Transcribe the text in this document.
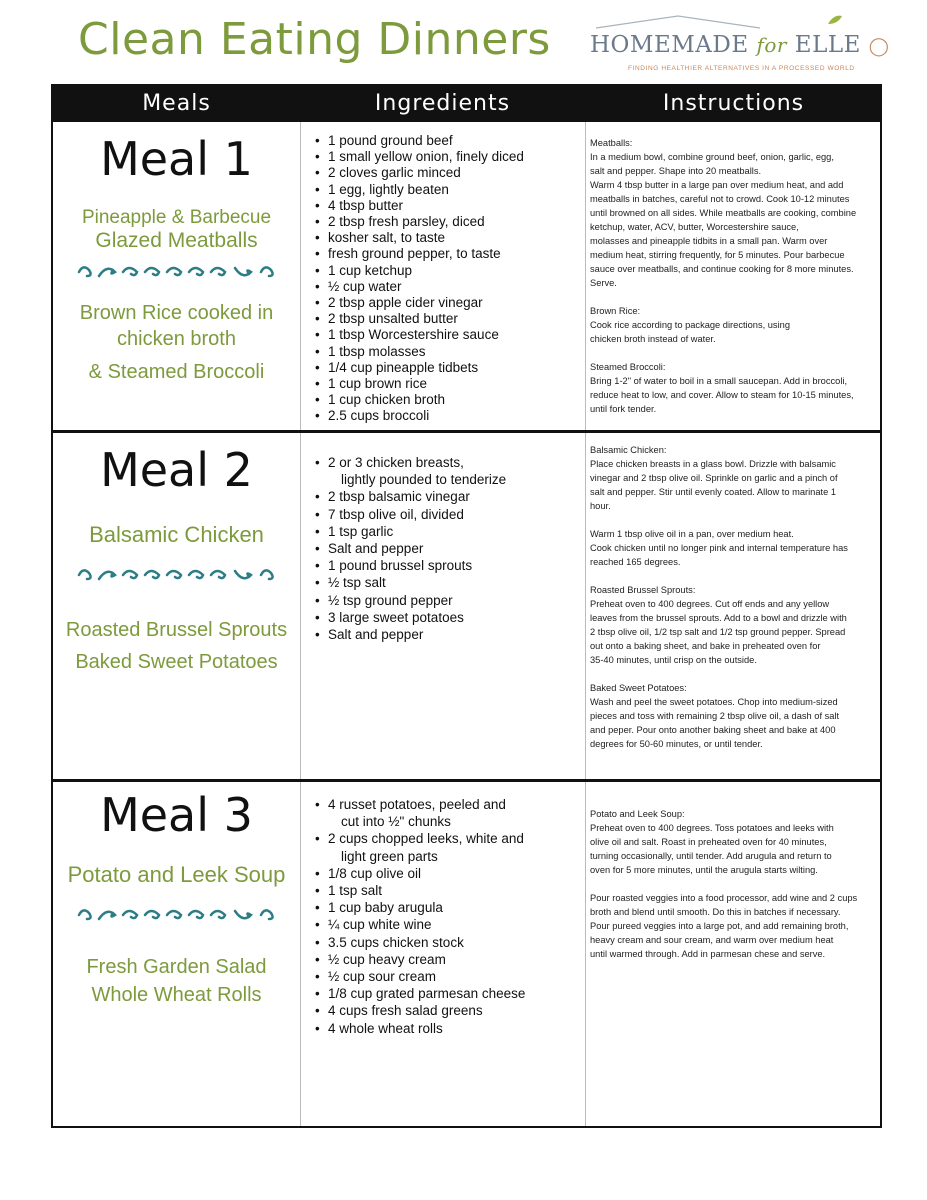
Clean Eating Dinners HOMEMADE for ELLE ◯
FINDING HEALTHIER ALTERNATIVES IN A PROCESSED WORLD
Meals	Ingredients	Instructions
Meal 1
Pineapple & Barbecue
Glazed Meatballs
Brown Rice cooked in
chicken broth
& Steamed Broccoli
• 1 pound ground beef
• 1 small yellow onion, finely diced
• 2 cloves garlic minced
• 1 egg, lightly beaten
• 4 tbsp butter
• 2 tbsp fresh parsley, diced
• kosher salt, to taste
• fresh ground pepper, to taste
• 1 cup ketchup
• ½ cup water
• 2 tbsp apple cider vinegar
• 2 tbsp unsalted butter
• 1 tbsp Worcestershire sauce
• 1 tbsp molasses
• 1/4 cup pineapple tidbets
• 1 cup brown rice
• 1 cup chicken broth
• 2.5 cups broccoli

Meatballs:
In a medium bowl, combine ground beef, onion, garlic, egg,
salt and pepper. Shape into 20 meatballs.
Warm 4 tbsp butter in a large pan over medium heat, and add
meatballs in batches, careful not to crowd. Cook 10-12 minutes
until browned on all sides. While meatballs are cooking, combine
ketchup, water, ACV, butter, Worcestershire sauce,
molasses and pineapple tidbits in a small pan. Warm over
medium heat, stirring frequently, for 5 minutes. Pour barbecue
sauce over meatballs, and continue cooking for 8 more minutes.
Serve.

Brown Rice:
Cook rice according to package directions, using
chicken broth instead of water.

Steamed Broccoli:
Bring 1-2" of water to boil in a small saucepan. Add in broccoli,
reduce heat to low, and cover. Allow to steam for 10-15 minutes,
until fork tender.

Meal 2
Balsamic Chicken
Roasted Brussel Sprouts
Baked Sweet Potatoes
• 2 or 3 chicken breasts,
lightly pounded to tenderize
• 2 tbsp balsamic vinegar
• 7 tbsp olive oil, divided
• 1 tsp garlic
• Salt and pepper
• 1 pound brussel sprouts
• ½ tsp salt
• ½ tsp ground pepper
• 3 large sweet potatoes
• Salt and pepper

Balsamic Chicken:
Place chicken breasts in a glass bowl. Drizzle with balsamic
vinegar and 2 tbsp olive oil. Sprinkle on garlic and a pinch of
salt and pepper. Stir until evenly coated. Allow to marinate 1
hour.

Warm 1 tbsp olive oil in a pan, over medium heat.
Cook chicken until no longer pink and internal temperature has
reached 165 degrees.

Roasted Brussel Sprouts:
Preheat oven to 400 degrees. Cut off ends and any yellow
leaves from the brussel sprouts. Add to a bowl and drizzle with
2 tbsp olive oil, 1/2 tsp salt and 1/2 tsp ground pepper. Spread
out onto a baking sheet, and bake in preheated oven for
35-40 minutes, until crisp on the outside.

Baked Sweet Potatoes:
Wash and peel the sweet potatoes. Chop into medium-sized
pieces and toss with remaining 2 tbsp olive oil, a dash of salt
and peper. Pour onto another baking sheet and bake at 400
degrees for 50-60 minutes, or until tender.

Meal 3
Potato and Leek Soup
Fresh Garden Salad
Whole Wheat Rolls
• 4 russet potatoes, peeled and
cut into ½" chunks
• 2 cups chopped leeks, white and
light green parts
• 1/8 cup olive oil
• 1 tsp salt
• 1 cup baby arugula
• ¼ cup white wine
• 3.5 cups chicken stock
• ½ cup heavy cream
• ½ cup sour cream
• 1/8 cup grated parmesan cheese
• 4 cups fresh salad greens
• 4 whole wheat rolls

Potato and Leek Soup:
Preheat oven to 400 degrees. Toss potatoes and leeks with
olive oil and salt. Roast in preheated oven for 40 minutes,
turning occasionally, until tender. Add arugula and return to
oven for 5 more minutes, until the arugula starts wilting.

Pour roasted veggies into a food processor, add wine and 2 cups
broth and blend until smooth. Do this in batches if necessary.
Pour pureed veggies into a large pot, and add remaining broth,
heavy cream and sour cream, and warm over medium heat
until warmed through. Add in parmesan chese and serve.
